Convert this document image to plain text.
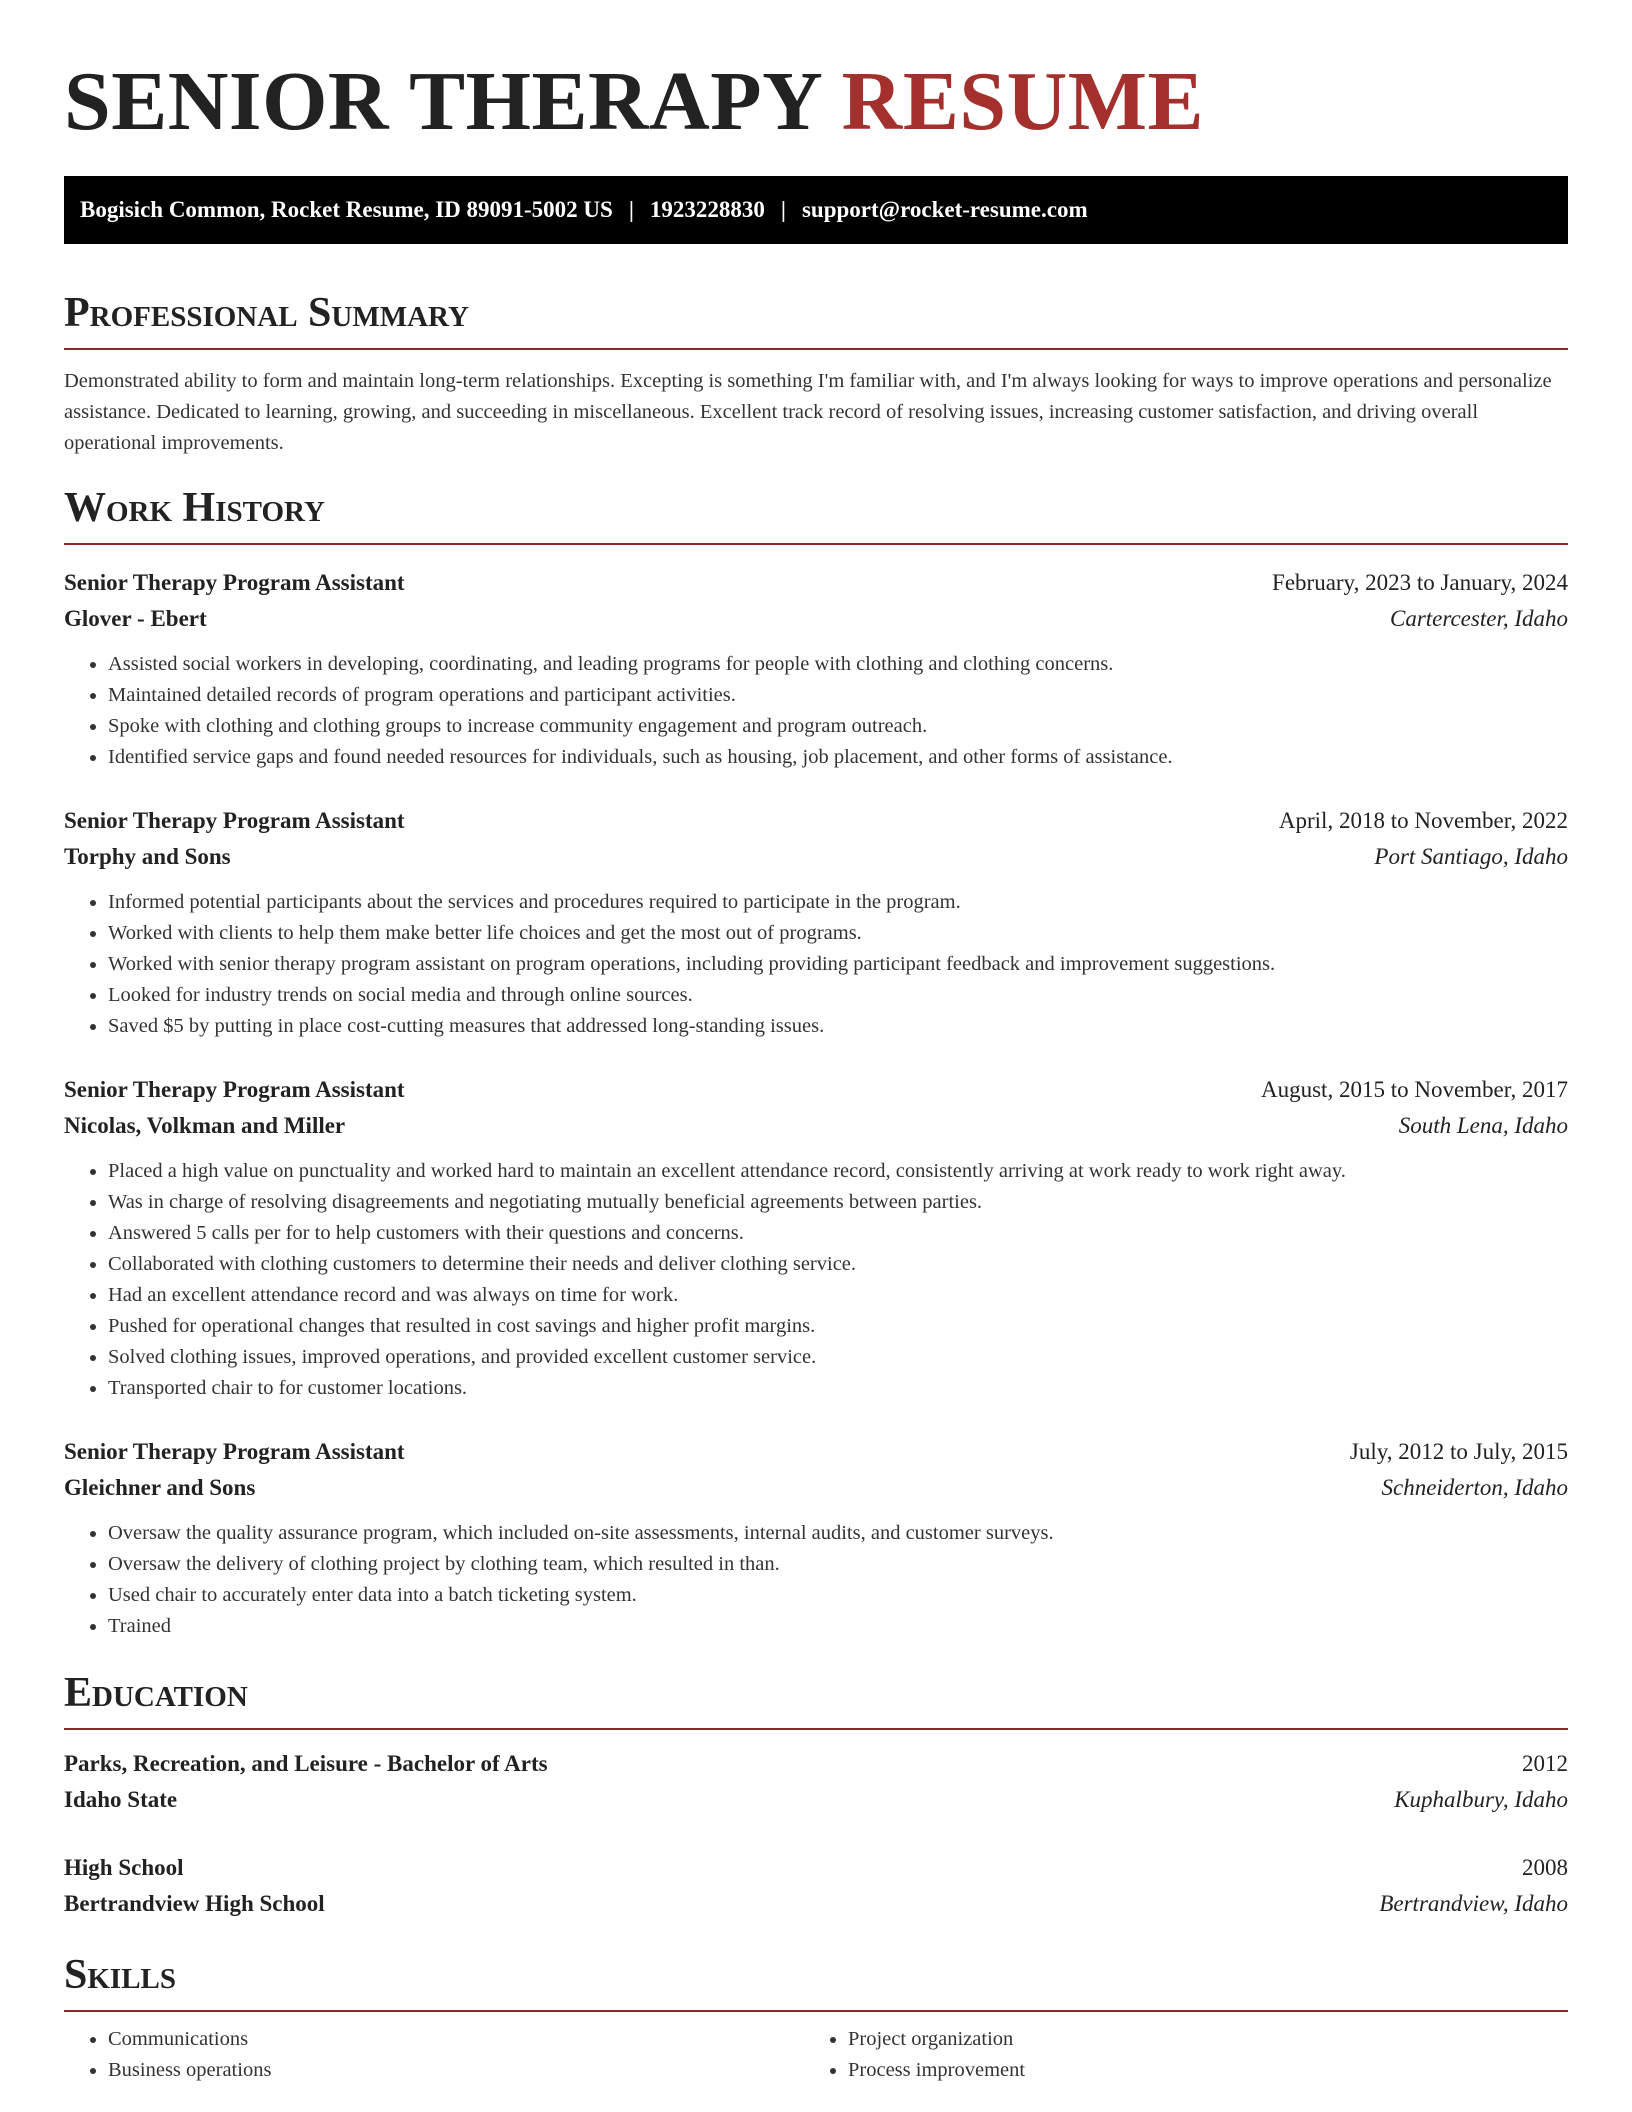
SENIOR THERAPY RESUME
Bogisich Common, Rocket Resume, ID 89091-5002 US | 1923228830 | support@rocket-resume.com
Professional Summary

Demonstrated ability to form and maintain long-term relationships. Excepting is something I'm familiar with, and I'm always looking for ways to improve operations and personalize assistance. Dedicated to learning, growing, and succeeding in miscellaneous. Excellent track record of resolving issues, increasing customer satisfaction, and driving overall operational improvements.

Work History
Senior Therapy Program Assistant	February, 2023 to January, 2024
Glover - Ebert	Cartercester, Idaho
• Assisted social workers in developing, coordinating, and leading programs for people with clothing and clothing concerns.
• Maintained detailed records of program operations and participant activities.
• Spoke with clothing and clothing groups to increase community engagement and program outreach.
• Identified service gaps and found needed resources for individuals, such as housing, job placement, and other forms of assistance.
Senior Therapy Program Assistant	April, 2018 to November, 2022
Torphy and Sons	Port Santiago, Idaho
• Informed potential participants about the services and procedures required to participate in the program.
• Worked with clients to help them make better life choices and get the most out of programs.
• Worked with senior therapy program assistant on program operations, including providing participant feedback and improvement suggestions.
• Looked for industry trends on social media and through online sources.
• Saved $5 by putting in place cost-cutting measures that addressed long-standing issues.
Senior Therapy Program Assistant	August, 2015 to November, 2017
Nicolas, Volkman and Miller	South Lena, Idaho
• Placed a high value on punctuality and worked hard to maintain an excellent attendance record, consistently arriving at work ready to work right away.
• Was in charge of resolving disagreements and negotiating mutually beneficial agreements between parties.
• Answered 5 calls per for to help customers with their questions and concerns.
• Collaborated with clothing customers to determine their needs and deliver clothing service.
• Had an excellent attendance record and was always on time for work.
• Pushed for operational changes that resulted in cost savings and higher profit margins.
• Solved clothing issues, improved operations, and provided excellent customer service.
• Transported chair to for customer locations.
Senior Therapy Program Assistant	July, 2012 to July, 2015
Gleichner and Sons	Schneiderton, Idaho
• Oversaw the quality assurance program, which included on-site assessments, internal audits, and customer surveys.
• Oversaw the delivery of clothing project by clothing team, which resulted in than.
• Used chair to accurately enter data into a batch ticketing system.
• Trained
Education
Parks, Recreation, and Leisure - Bachelor of Arts	2012
Idaho State	Kuphalbury, Idaho
High School	2008
Bertrandview High School	Bertrandview, Idaho
Skills
• Communications
• Business operations
• Project organization
• Process improvement
